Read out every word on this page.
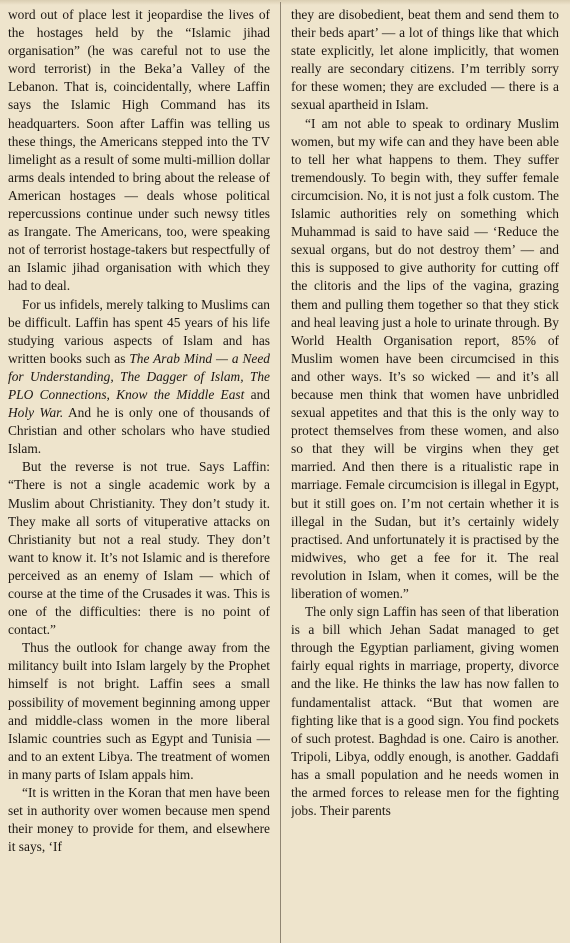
word out of place lest it jeopardise the lives of the hostages held by the “Islamic jihad organisation” (he was careful not to use the word terrorist) in the Beka’a Valley of the Lebanon. That is, coincidentally, where Laffin says the Islamic High Command has its headquarters. Soon after Laffin was telling us these things, the Americans stepped into the TV limelight as a result of some multi-million dollar arms deals intended to bring about the release of American hostages — deals whose political repercussions continue under such newsy titles as Irangate. The Americans, too, were speaking not of terrorist hostage-takers but respectfully of an Islamic jihad organisation with which they had to deal.

For us infidels, merely talking to Muslims can be difficult. Laffin has spent 45 years of his life studying various aspects of Islam and has written books such as The Arab Mind — a Need for Understanding, The Dagger of Islam, The PLO Connections, Know the Middle East and Holy War. And he is only one of thousands of Christian and other scholars who have studied Islam.

But the reverse is not true. Says Laffin: “There is not a single academic work by a Muslim about Christianity. They don’t study it. They make all sorts of vituperative attacks on Christianity but not a real study. They don’t want to know it. It’s not Islamic and is therefore perceived as an enemy of Islam — which of course at the time of the Crusades it was. This is one of the difficulties: there is no point of contact.”

Thus the outlook for change away from the militancy built into Islam largely by the Prophet himself is not bright. Laffin sees a small possibility of movement beginning among upper and middle-class women in the more liberal Islamic countries such as Egypt and Tunisia — and to an extent Libya. The treatment of women in many parts of Islam appals him.

“It is written in the Koran that men have been set in authority over women because men spend their money to provide for them, and elsewhere it says, ‘If

they are disobedient, beat them and send them to their beds apart’ — a lot of things like that which state explicitly, let alone implicitly, that women really are secondary citizens. I’m terribly sorry for these women; they are excluded — there is a sexual apartheid in Islam.

“I am not able to speak to ordinary Muslim women, but my wife can and they have been able to tell her what happens to them. They suffer tremendously. To begin with, they suffer female circumcision. No, it is not just a folk custom. The Islamic authorities rely on something which Muhammad is said to have said — ‘Reduce the sexual organs, but do not destroy them’ — and this is supposed to give authority for cutting off the clitoris and the lips of the vagina, grazing them and pulling them together so that they stick and heal leaving just a hole to urinate through. By World Health Organisation report, 85% of Muslim women have been circumcised in this and other ways. It’s so wicked — and it’s all because men think that women have unbridled sexual appetites and that this is the only way to protect themselves from these women, and also so that they will be virgins when they get married. And then there is a ritualistic rape in marriage. Female circumcision is illegal in Egypt, but it still goes on. I’m not certain whether it is illegal in the Sudan, but it’s certainly widely practised. And unfortunately it is practised by the midwives, who get a fee for it. The real revolution in Islam, when it comes, will be the liberation of women.”

The only sign Laffin has seen of that liberation is a bill which Jehan Sadat managed to get through the Egyptian parliament, giving women fairly equal rights in marriage, property, divorce and the like. He thinks the law has now fallen to fundamentalist attack. “But that women are fighting like that is a good sign. You find pockets of such protest. Baghdad is one. Cairo is another. Tripoli, Libya, oddly enough, is another. Gaddafi has a small population and he needs women in the armed forces to release men for the fighting jobs. Their parents
